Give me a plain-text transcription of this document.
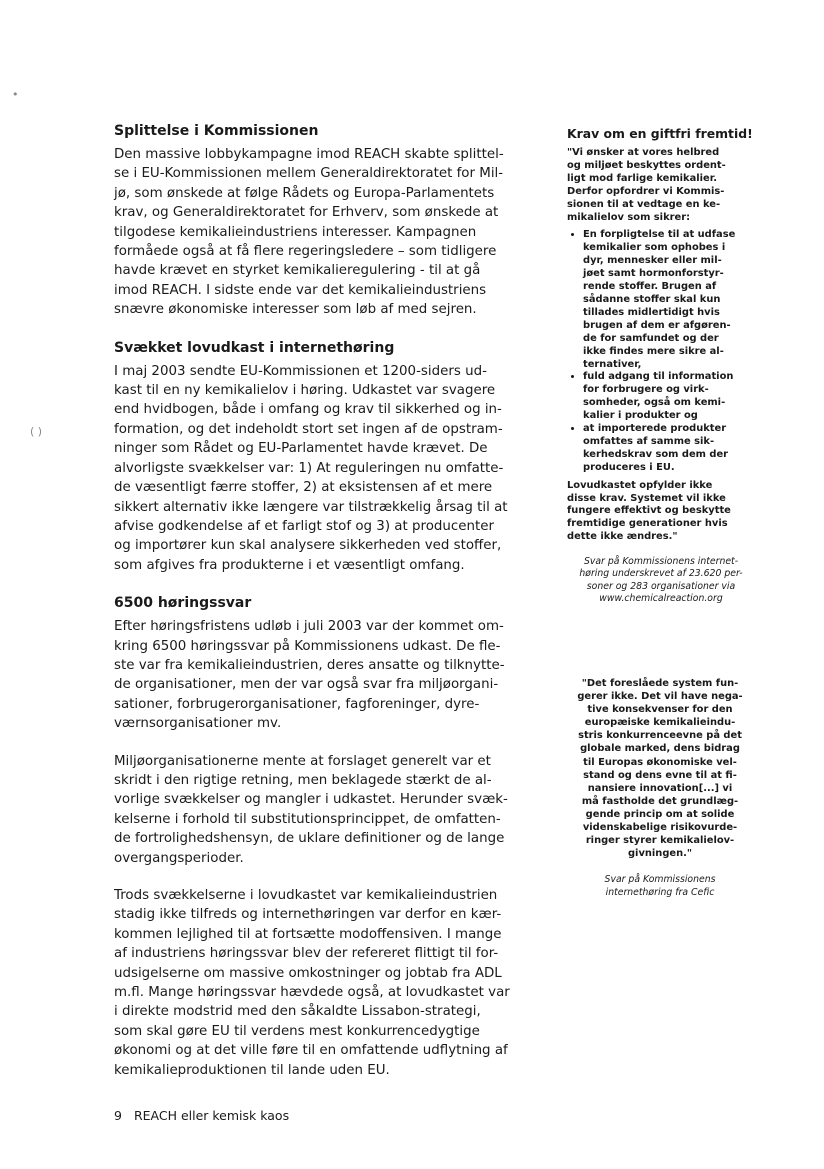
•
( )
Splittelse i Kommissionen

Den massive lobbykampagne imod REACH skabte splittel-
se i EU-Kommissionen mellem Generaldirektoratet for Mil-
jø, som ønskede at følge Rådets og Europa-Parlamentets
krav, og Generaldirektoratet for Erhverv, som ønskede at
tilgodese kemikalieindustriens interesser. Kampagnen
formåede også at få flere regeringsledere – som tidligere
havde krævet en styrket kemikalieregulering - til at gå
imod REACH. I sidste ende var det kemikalieindustriens
snævre økonomiske interesser som løb af med sejren.

Svækket lovudkast i internethøring

I maj 2003 sendte EU-Kommissionen et 1200-siders ud-
kast til en ny kemikalielov i høring. Udkastet var svagere
end hvidbogen, både i omfang og krav til sikkerhed og in-
formation, og det indeholdt stort set ingen af de opstram-
ninger som Rådet og EU-Parlamentet havde krævet. De
alvorligste svækkelser var: 1) At reguleringen nu omfatte-
de væsentligt færre stoffer, 2) at eksistensen af et mere
sikkert alternativ ikke længere var tilstrækkelig årsag til at
afvise godkendelse af et farligt stof og 3) at producenter
og importører kun skal analysere sikkerheden ved stoffer,
som afgives fra produkterne i et væsentligt omfang.

6500 høringssvar

Efter høringsfristens udløb i juli 2003 var der kommet om-
kring 6500 høringssvar på Kommissionens udkast. De fle-
ste var fra kemikalieindustrien, deres ansatte og tilknytte-
de organisationer, men der var også svar fra miljøorgani-
sationer, forbrugerorganisationer, fagforeninger, dyre-
værnsorganisationer mv.

Miljøorganisationerne mente at forslaget generelt var et
skridt i den rigtige retning, men beklagede stærkt de al-
vorlige svækkelser og mangler i udkastet. Herunder svæk-
kelserne i forhold til substitutionsprincippet, de omfatten-
de fortrolighedshensyn, de uklare definitioner og de lange
overgangsperioder.

Trods svækkelserne i lovudkastet var kemikalieindustrien
stadig ikke tilfreds og internethøringen var derfor en kær-
kommen lejlighed til at fortsætte modoffensiven. I mange
af industriens høringssvar blev der refereret flittigt til for-
udsigelserne om massive omkostninger og jobtab fra ADL
m.fl. Mange høringssvar hævdede også, at lovudkastet var
i direkte modstrid med den såkaldte Lissabon-strategi,
som skal gøre EU til verdens mest konkurrencedygtige
økonomi og at det ville føre til en omfattende udflytning af
kemikalieproduktionen til lande uden EU.

Krav om en giftfri fremtid!

"Vi ønsker at vores helbred
og miljøet beskyttes ordent-
ligt mod farlige kemikalier.
Derfor opfordrer vi Kommis-
sionen til at vedtage en ke-
mikalielov som sikrer:

• En forpligtelse til at udfase
kemikalier som ophobes i
dyr, mennesker eller mil-
jøet samt hormonforstyr-
rende stoffer. Brugen af
sådanne stoffer skal kun
tillades midlertidigt hvis
brugen af dem er afgøren-
de for samfundet og der
ikke findes mere sikre al-
ternativer,
• fuld adgang til information
for forbrugere og virk-
somheder, også om kemi-
kalier i produkter og
• at importerede produkter
omfattes af samme sik-
kerhedskrav som dem der
produceres i EU.

Lovudkastet opfylder ikke
disse krav. Systemet vil ikke
fungere effektivt og beskytte
fremtidige generationer hvis
dette ikke ændres."

Svar på Kommissionens internet-
høring underskrevet af 23.620 per-
soner og 283 organisationer via
www.chemicalreaction.org

"Det foreslåede system fun-
gerer ikke. Det vil have nega-
tive konsekvenser for den
europæiske kemikalieindu-
stris konkurrenceevne på det
globale marked, dens bidrag
til Europas økonomiske vel-
stand og dens evne til at fi-
nansiere innovation[...] vi
må fastholde det grundlæg-
gende princip om at solide
videnskabelige risikovurde-
ringer styrer kemikalielov-
givningen."

Svar på Kommissionens
internethøring fra Cefic

9 REACH eller kemisk kaos
